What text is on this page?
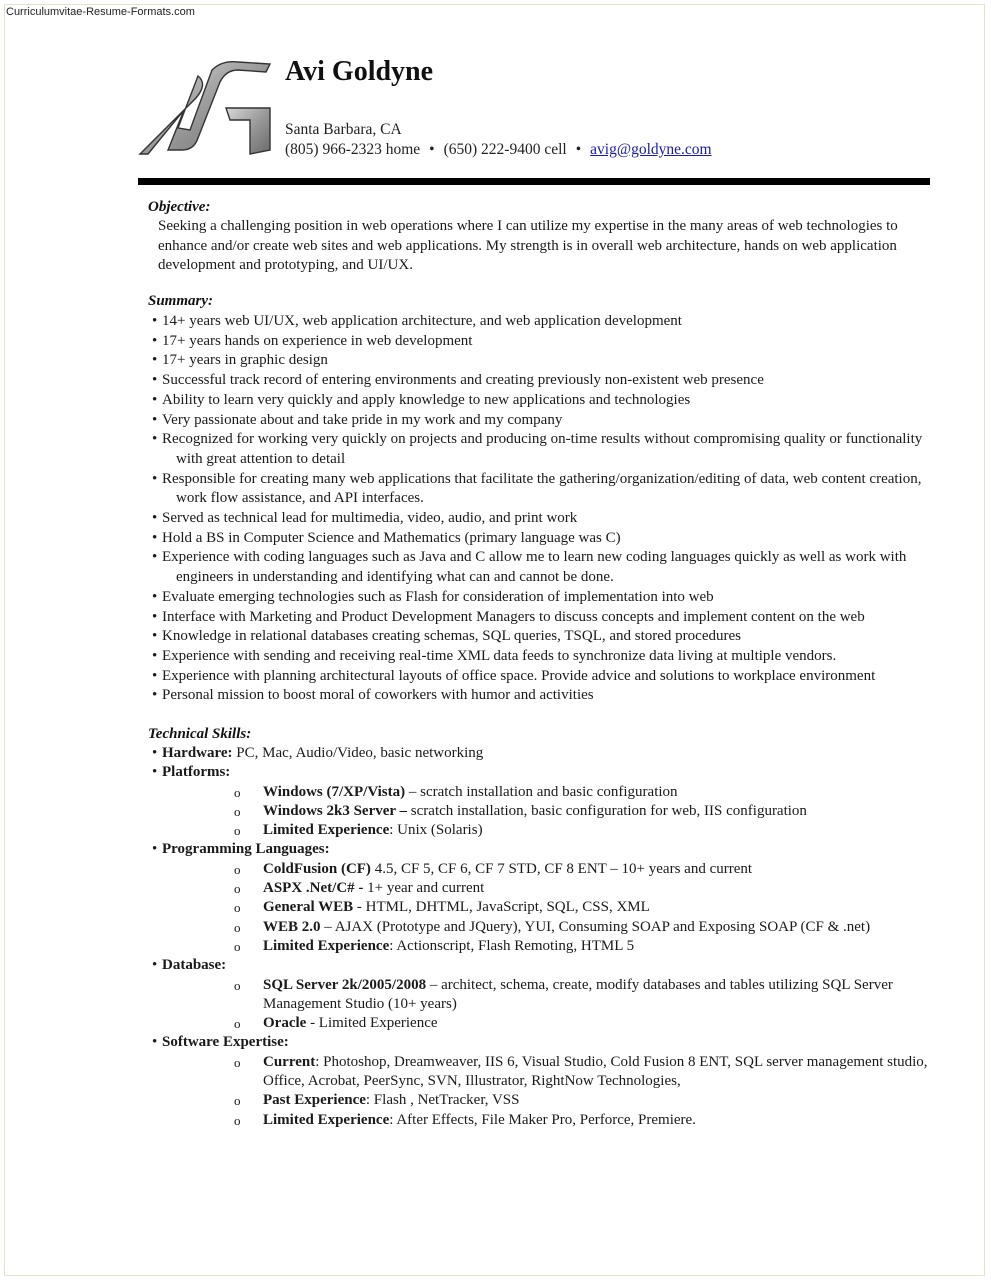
Curriculumvitae-Resume-Formats.com
Avi Goldyne
Santa Barbara, CA
(805) 966-2323 home • (650) 222-9400 cell • avig@goldyne.com
Objective:
Seeking a challenging position in web operations where I can utilize my expertise in the many areas of web technologies to enhance and/or create web sites and web applications. My strength is in overall web architecture, hands on web application development and prototyping, and UI/UX.
Summary:
• 14+ years web UI/UX, web application architecture, and web application development
• 17+ years hands on experience in web development
• 17+ years in graphic design
• Successful track record of entering environments and creating previously non-existent web presence
• Ability to learn very quickly and apply knowledge to new applications and technologies
• Very passionate about and take pride in my work and my company
• Recognized for working very quickly on projects and producing on-time results without compromising quality or functionality with great attention to detail
• Responsible for creating many web applications that facilitate the gathering/organization/editing of data, web content creation, work flow assistance, and API interfaces.
• Served as technical lead for multimedia, video, audio, and print work
• Hold a BS in Computer Science and Mathematics (primary language was C)
• Experience with coding languages such as Java and C allow me to learn new coding languages quickly as well as work with engineers in understanding and identifying what can and cannot be done.
• Evaluate emerging technologies such as Flash for consideration of implementation into web
• Interface with Marketing and Product Development Managers to discuss concepts and implement content on the web
• Knowledge in relational databases creating schemas, SQL queries, TSQL, and stored procedures
• Experience with sending and receiving real-time XML data feeds to synchronize data living at multiple vendors.
• Experience with planning architectural layouts of office space. Provide advice and solutions to workplace environment
• Personal mission to boost moral of coworkers with humor and activities
Technical Skills:
• Hardware: PC, Mac, Audio/Video, basic networking
• Platforms:
o Windows (7/XP/Vista) – scratch installation and basic configuration
o Windows 2k3 Server – scratch installation, basic configuration for web, IIS configuration
o Limited Experience: Unix (Solaris)
• Programming Languages:
o ColdFusion (CF) 4.5, CF 5, CF 6, CF 7 STD, CF 8 ENT – 10+ years and current
o ASPX .Net/C# - 1+ year and current
o General WEB - HTML, DHTML, JavaScript, SQL, CSS, XML
o WEB 2.0 – AJAX (Prototype and JQuery), YUI, Consuming SOAP and Exposing SOAP (CF & .net)
o Limited Experience: Actionscript, Flash Remoting, HTML 5
• Database:
o SQL Server 2k/2005/2008 – architect, schema, create, modify databases and tables utilizing SQL Server Management Studio (10+ years)
o Oracle - Limited Experience
• Software Expertise:
o Current: Photoshop, Dreamweaver, IIS 6, Visual Studio, Cold Fusion 8 ENT, SQL server management studio, Office, Acrobat, PeerSync, SVN, Illustrator, RightNow Technologies,
o Past Experience: Flash , NetTracker, VSS
o Limited Experience: After Effects, File Maker Pro, Perforce, Premiere.
